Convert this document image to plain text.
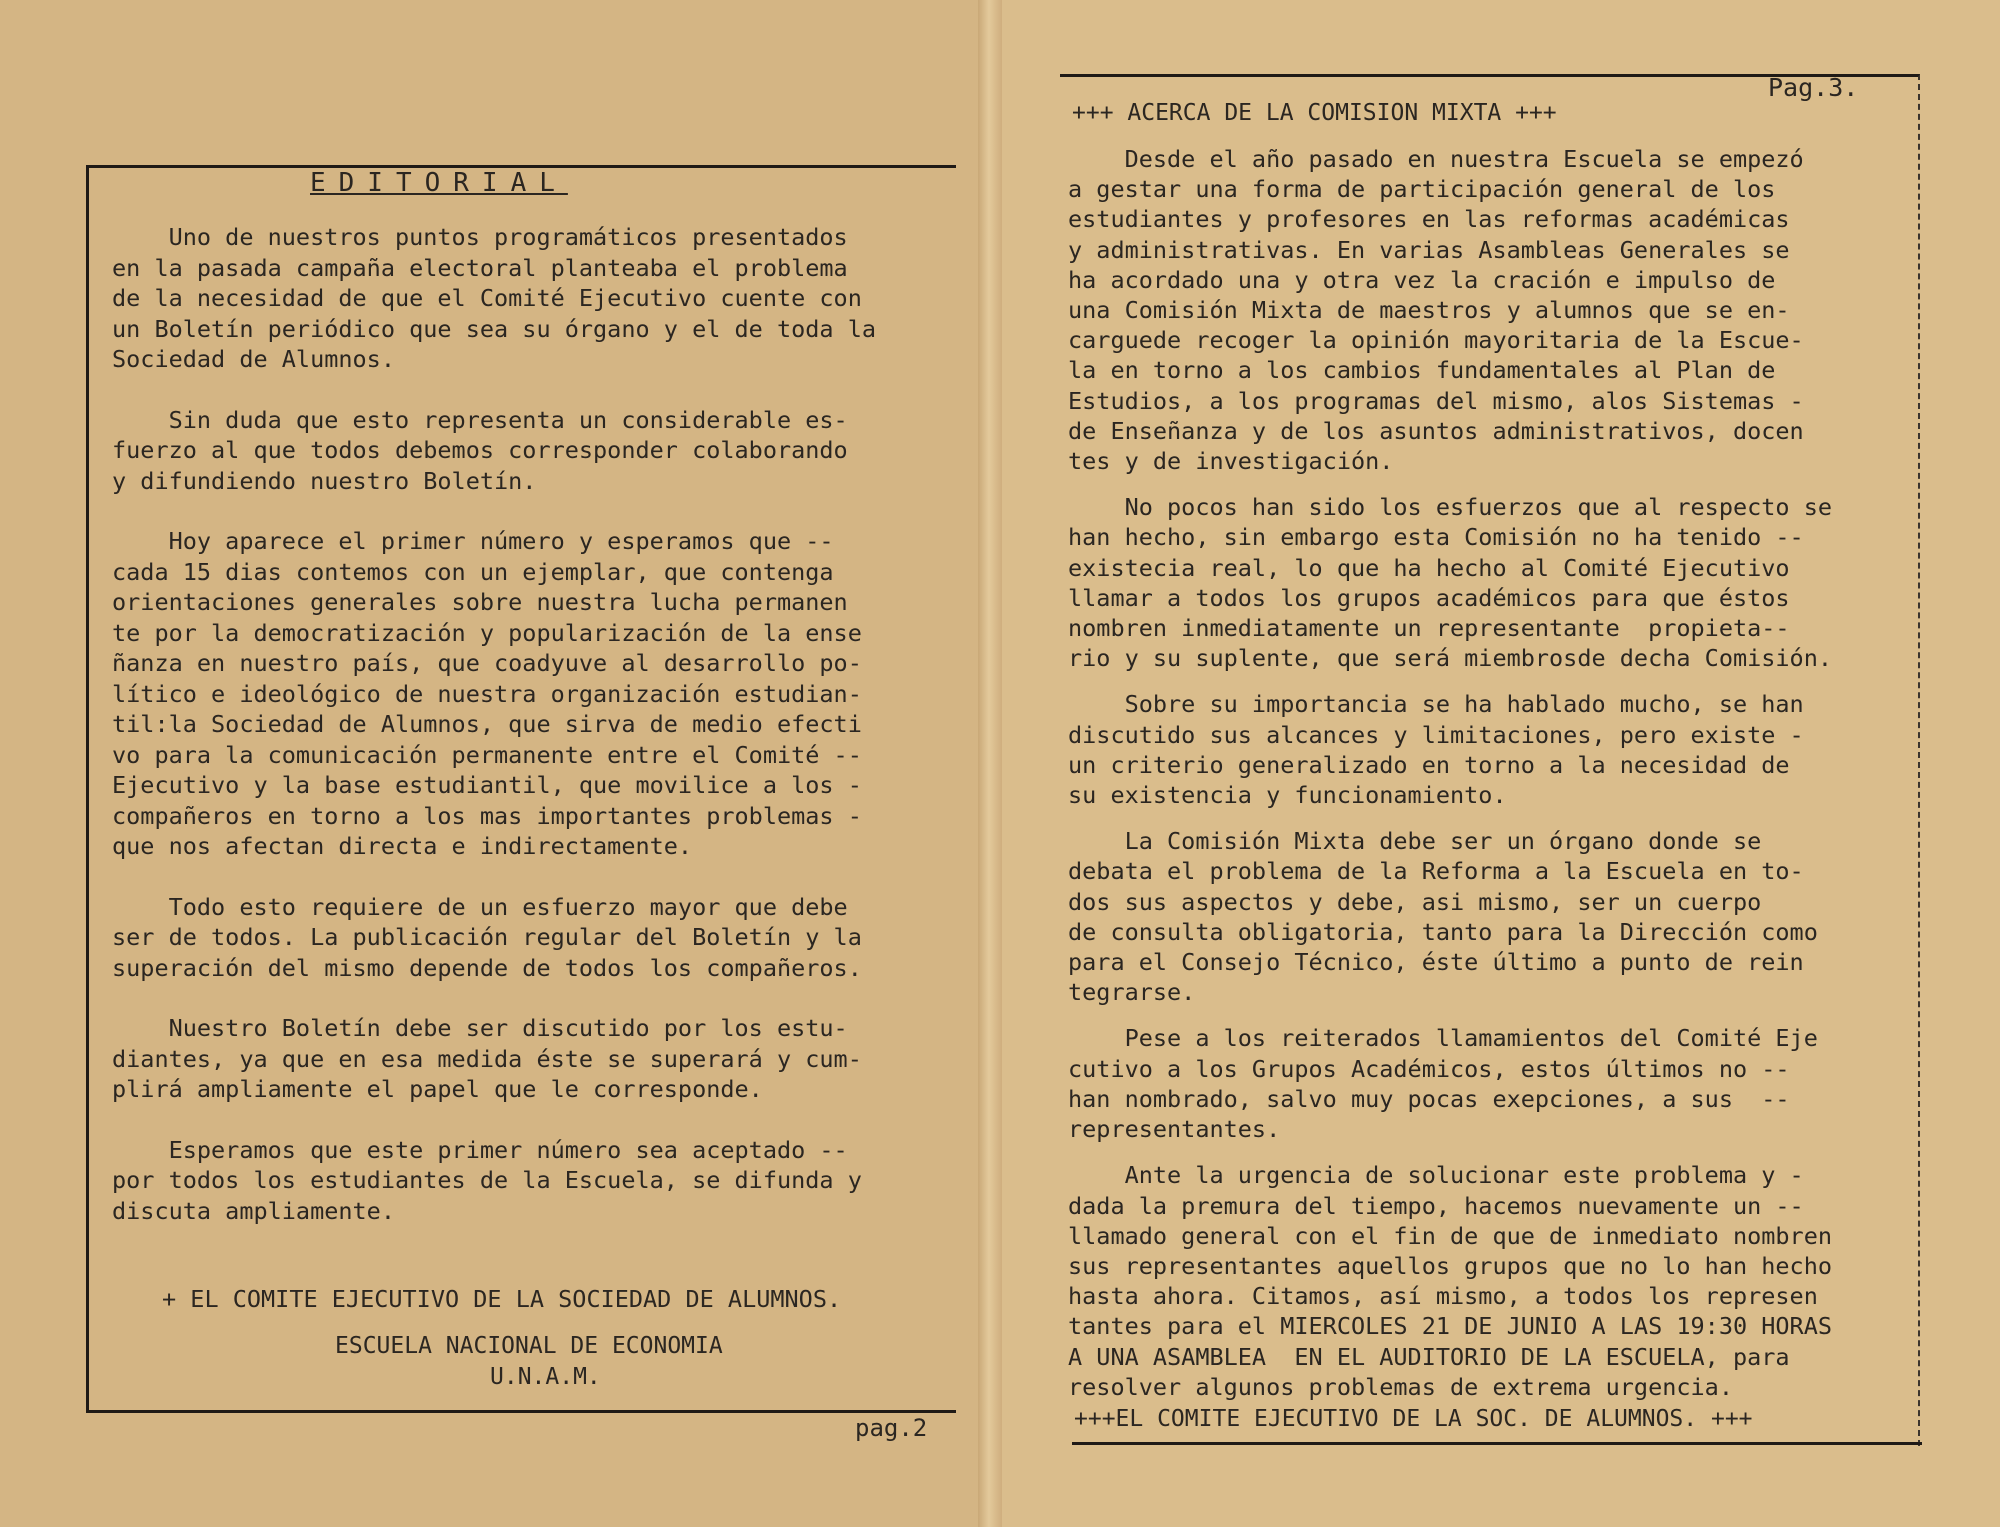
EDITORIAL

Uno de nuestros puntos programáticos presentados
en la pasada campaña electoral planteaba el problema
de la necesidad de que el Comité Ejecutivo cuente con
un Boletín periódico que sea su órgano y el de toda la
Sociedad de Alumnos.

Sin duda que esto representa un considerable es-
fuerzo al que todos debemos corresponder colaborando
y difundiendo nuestro Boletín.

Hoy aparece el primer número y esperamos que --
cada 15 dias contemos con un ejemplar, que contenga
orientaciones generales sobre nuestra lucha permanen
te por la democratización y popularización de la ense
ñanza en nuestro país, que coadyuve al desarrollo po-
lítico e ideológico de nuestra organización estudian-
til:la Sociedad de Alumnos, que sirva de medio efecti
vo para la comunicación permanente entre el Comité --
Ejecutivo y la base estudiantil, que movilice a los -
compañeros en torno a los mas importantes problemas -
que nos afectan directa e indirectamente.

Todo esto requiere de un esfuerzo mayor que debe
ser de todos. La publicación regular del Boletín y la
superación del mismo depende de todos los compañeros.

Nuestro Boletín debe ser discutido por los estu-
diantes, ya que en esa medida éste se superará y cum-
plirá ampliamente el papel que le corresponde.

Esperamos que este primer número sea aceptado --
por todos los estudiantes de la Escuela, se difunda y
discuta ampliamente.

+ EL COMITE EJECUTIVO DE LA SOCIEDAD DE ALUMNOS.
ESCUELA NACIONAL DE ECONOMIA
U.N.A.M.
pag.2
Pag.3.
+++ ACERCA DE LA COMISION MIXTA +++

Desde el año pasado en nuestra Escuela se empezó
a gestar una forma de participación general de los
estudiantes y profesores en las reformas académicas
y administrativas. En varias Asambleas Generales se
ha acordado una y otra vez la cración e impulso de
una Comisión Mixta de maestros y alumnos que se en-
carguede recoger la opinión mayoritaria de la Escue-
la en torno a los cambios fundamentales al Plan de
Estudios, a los programas del mismo, alos Sistemas -
de Enseñanza y de los asuntos administrativos, docen
tes y de investigación.

No pocos han sido los esfuerzos que al respecto se
han hecho, sin embargo esta Comisión no ha tenido --
existecia real, lo que ha hecho al Comité Ejecutivo
llamar a todos los grupos académicos para que éstos
nombren inmediatamente un representante  propieta--
rio y su suplente, que será miembrosde decha Comisión.

Sobre su importancia se ha hablado mucho, se han
discutido sus alcances y limitaciones, pero existe -
un criterio generalizado en torno a la necesidad de
su existencia y funcionamiento.

La Comisión Mixta debe ser un órgano donde se
debata el problema de la Reforma a la Escuela en to-
dos sus aspectos y debe, asi mismo, ser un cuerpo
de consulta obligatoria, tanto para la Dirección como
para el Consejo Técnico, éste último a punto de rein
tegrarse.

Pese a los reiterados llamamientos del Comité Eje
cutivo a los Grupos Académicos, estos últimos no --
han nombrado, salvo muy pocas exepciones, a sus  --
representantes.

Ante la urgencia de solucionar este problema y -
dada la premura del tiempo, hacemos nuevamente un --
llamado general con el fin de que de inmediato nombren
sus representantes aquellos grupos que no lo han hecho
hasta ahora. Citamos, así mismo, a todos los represen
tantes para el MIERCOLES 21 DE JUNIO A LAS 19:30 HORAS
A UNA ASAMBLEA  EN EL AUDITORIO DE LA ESCUELA, para
resolver algunos problemas de extrema urgencia.

+++EL COMITE EJECUTIVO DE LA SOC. DE ALUMNOS. +++
